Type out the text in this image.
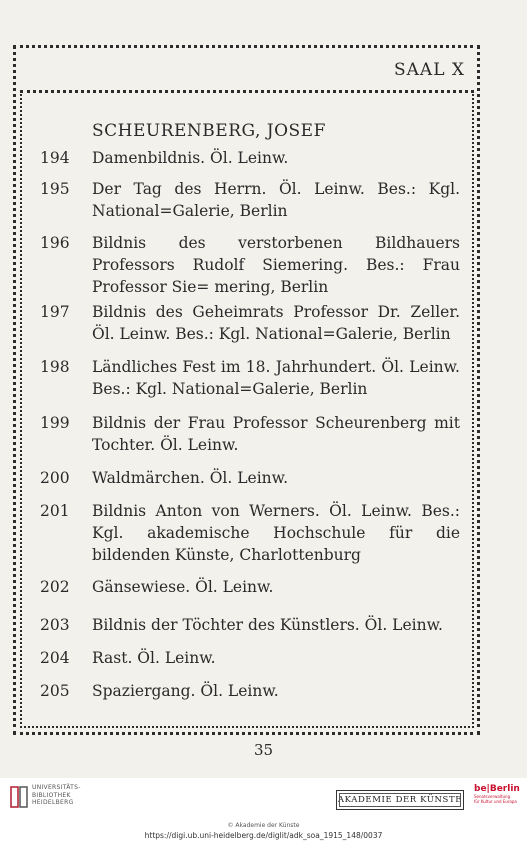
SAAL X
SCHEURENBERG, JOSEF
194	Damenbildnis. Öl. Leinw.
195	Der Tag des Herrn. Öl. Leinw. Bes.: Kgl. National=Galerie, Berlin
196	Bildnis des verstorbenen Bildhauers Professors Rudolf Siemering. Bes.: Frau Professor Sie= mering, Berlin
197	Bildnis des Geheimrats Professor Dr. Zeller. Öl. Leinw. Bes.: Kgl. National=Galerie, Berlin
198	Ländliches Fest im 18. Jahrhundert. Öl. Leinw. Bes.: Kgl. National=Galerie, Berlin
199	Bildnis der Frau Professor Scheurenberg mit Tochter. Öl. Leinw.
200	Waldmärchen. Öl. Leinw.
201	Bildnis Anton von Werners. Öl. Leinw. Bes.: Kgl. akademische Hochschule für die bildenden Künste, Charlottenburg
202	Gänsewiese. Öl. Leinw.
203	Bildnis der Töchter des Künstlers. Öl. Leinw.
204	Rast. Öl. Leinw.
205	Spaziergang. Öl. Leinw.
35
UNIVERSITÄTS-
BIBLIOTHEK
HEIDELBERG	AKADEMIE DER KÜNSTE
be|Berlin
Senatsverwaltung
für Kultur und Europa
© Akademie der Künste
https://digi.ub.uni-heidelberg.de/diglit/adk_soa_1915_148/0037
